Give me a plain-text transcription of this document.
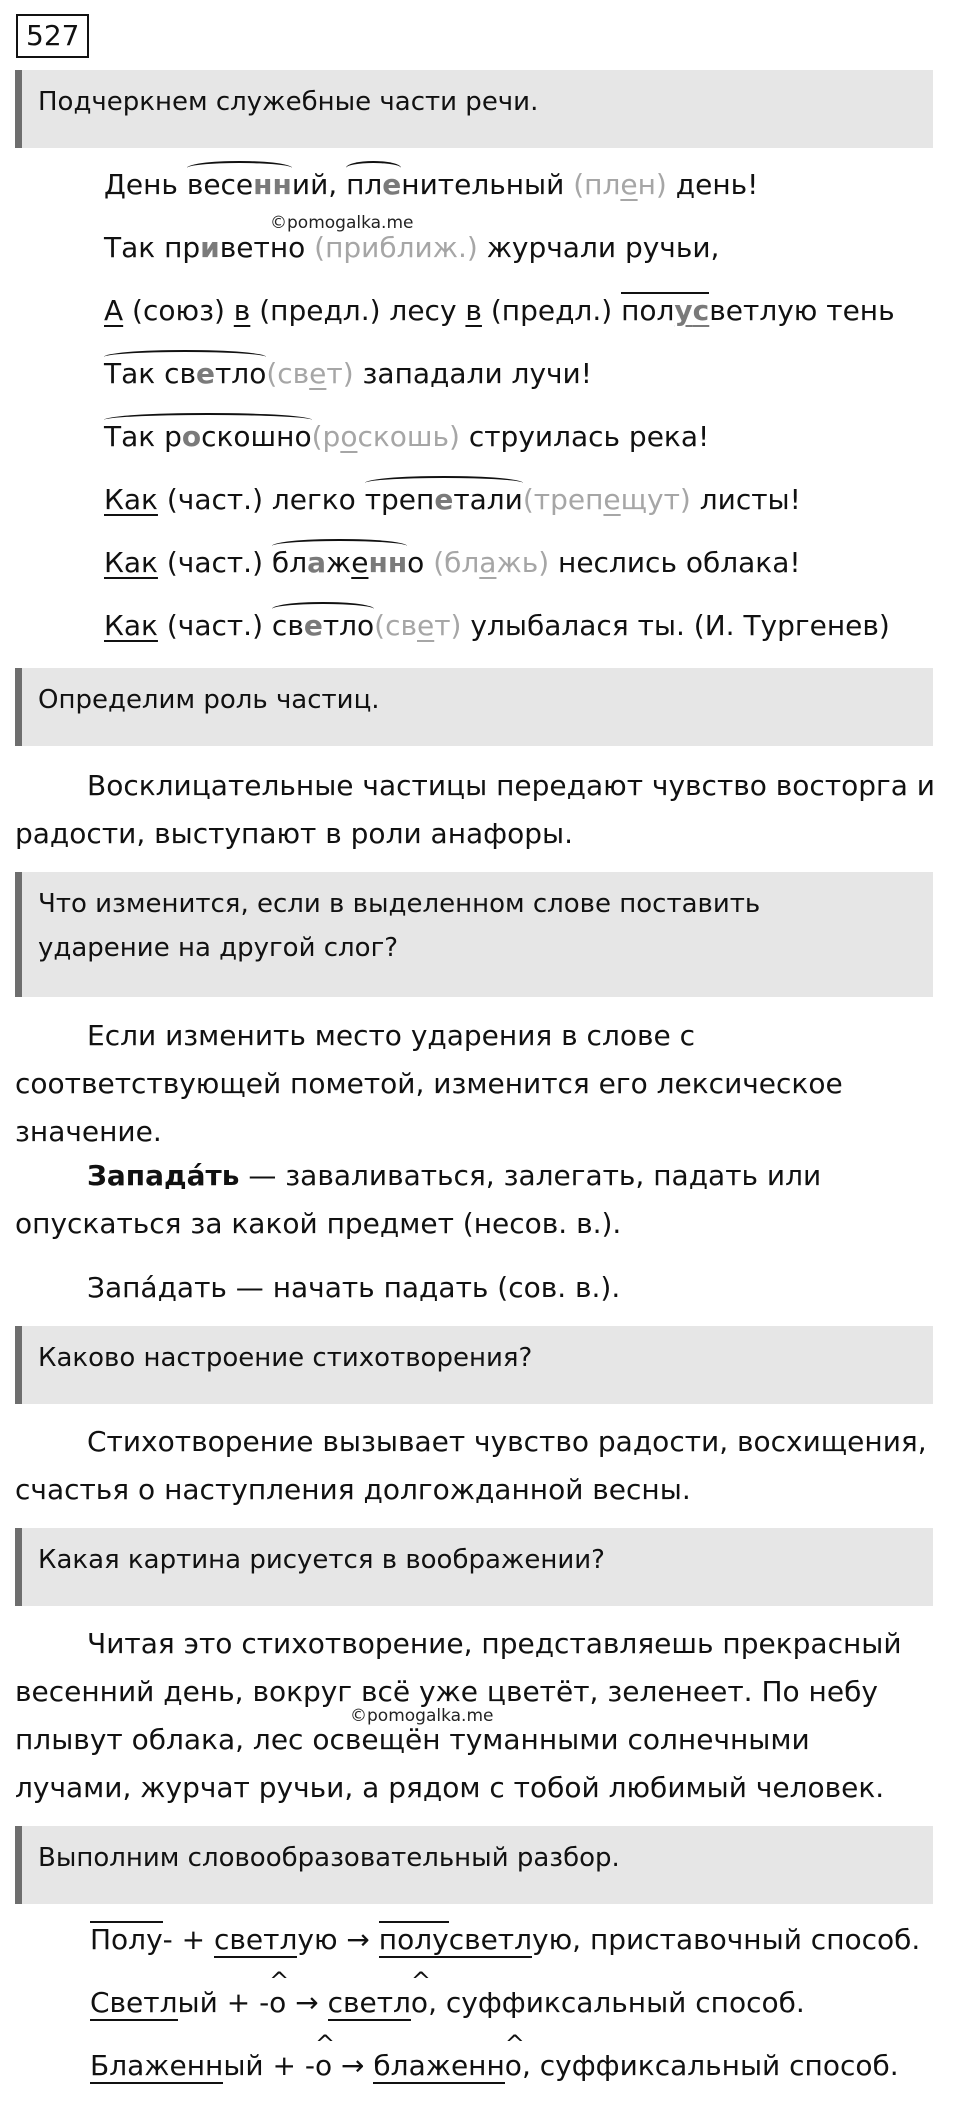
527
Подчеркнем служебные части речи.
День весенний, пленительный (плен) день!
©pomogalka.me
Так приветно (приближ.) журчали ручьи,
А (союз) в (предл.) лесу в (предл.) полусветлую тень
Так светло(свет) западали лучи!
Так роскошно(роскошь) струилась река!
Как (част.) легко трепетали(трепещут) листы!
Как (част.) блаженно (блажь) неслись облака!
Как (част.) светло(свет) улыбалася ты. (И. Тургенев)
Определим роль частиц.
Восклицательные частицы передают чувство восторга и
радости, выступают в роли анафоры.
Что изменится, если в выделенном слове поставить
ударение на другой слог?
Если изменить место ударения в слове с
соответствующей пометой, изменится его лексическое
значение.
Запада́ть — заваливаться, залегать, падать или
опускаться за какой предмет (несов. в.).
Запа́дать — начать падать (сов. в.).
Каково настроение стихотворения?
Стихотворение вызывает чувство радости, восхищения,
счастья о наступления долгожданной весны.
Какая картина рисуется в воображении?
Читая это стихотворение, представляешь прекрасный
весенний день, вокруг всё уже цветёт, зеленеет. По небу
©pomogalka.me
плывут облака, лес освещён туманными солнечными
лучами, журчат ручьи, а рядом с тобой любимый человек.
Выполним словообразовательный разбор.
Полу- + светлую → полусветлую, приставочный способ.
Светлый + -^ о → светл^ о, суффиксальный способ.
Блаженный + -^ о → блаженн^ о, суффиксальный способ.
